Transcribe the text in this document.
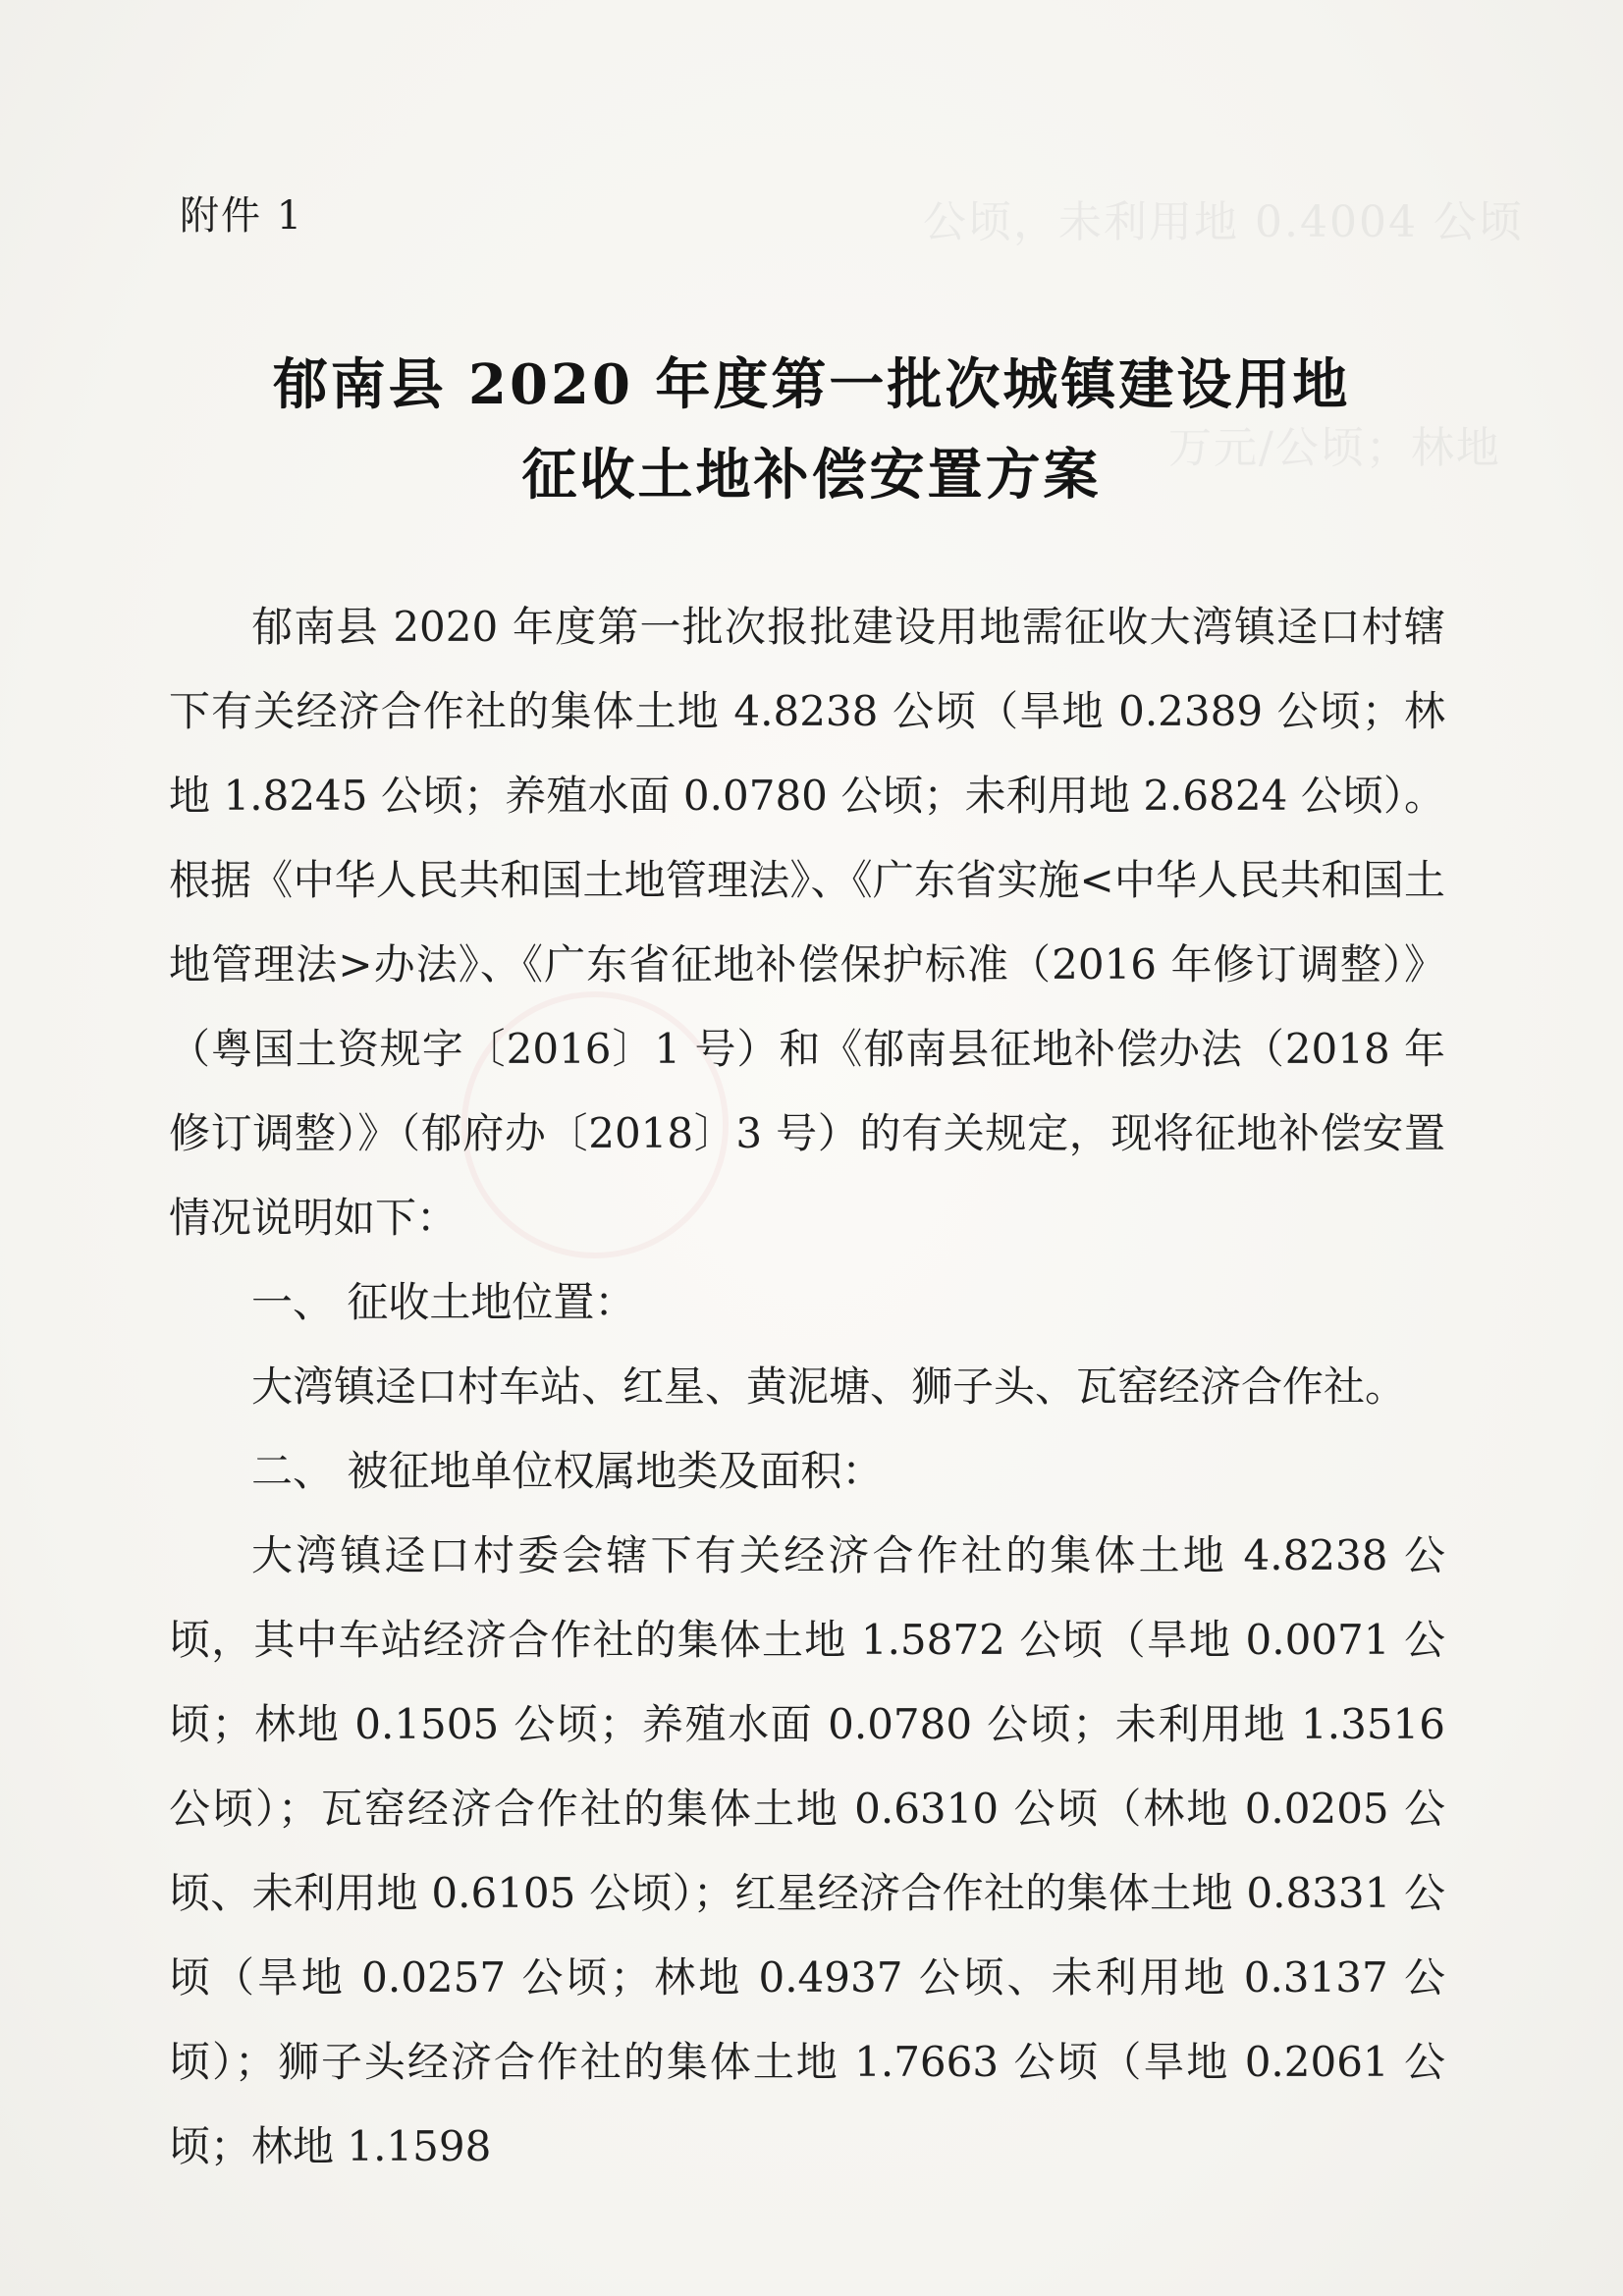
公顷，未利用地 0.4004 公顷
万元/公顷；林地
附件 1
郁南县 2020 年度第一批次城镇建设用地
征收土地补偿安置方案

郁南县 2020 年度第一批次报批建设用地需征收大湾镇迳口村辖下有关经济合作社的集体土地 4.8238 公顷（旱地 0.2389 公顷；林地 1.8245 公顷；养殖水面 0.0780 公顷；未利用地 2.6824 公顷）。根据《中华人民共和国土地管理法》、《广东省实施<中华人民共和国土地管理法>办法》、《广东省征地补偿保护标准（2016 年修订调整）》（粤国土资规字〔2016〕1 号）和《郁南县征地补偿办法（2018 年修订调整）》（郁府办〔2018〕3 号）的有关规定，现将征地补偿安置情况说明如下：

一、 征收土地位置：

大湾镇迳口村车站、红星、黄泥塘、狮子头、瓦窑经济合作社。

二、 被征地单位权属地类及面积：

大湾镇迳口村委会辖下有关经济合作社的集体土地 4.8238 公顷，其中车站经济合作社的集体土地 1.5872 公顷（旱地 0.0071 公顷；林地 0.1505 公顷；养殖水面 0.0780 公顷；未利用地 1.3516 公顷）；瓦窑经济合作社的集体土地 0.6310 公顷（林地 0.0205 公顷、未利用地 0.6105 公顷）；红星经济合作社的集体土地 0.8331 公顷（旱地 0.0257 公顷；林地 0.4937 公顷、未利用地 0.3137 公顷）；狮子头经济合作社的集体土地 1.7663 公顷（旱地 0.2061 公顷；林地 1.1598
